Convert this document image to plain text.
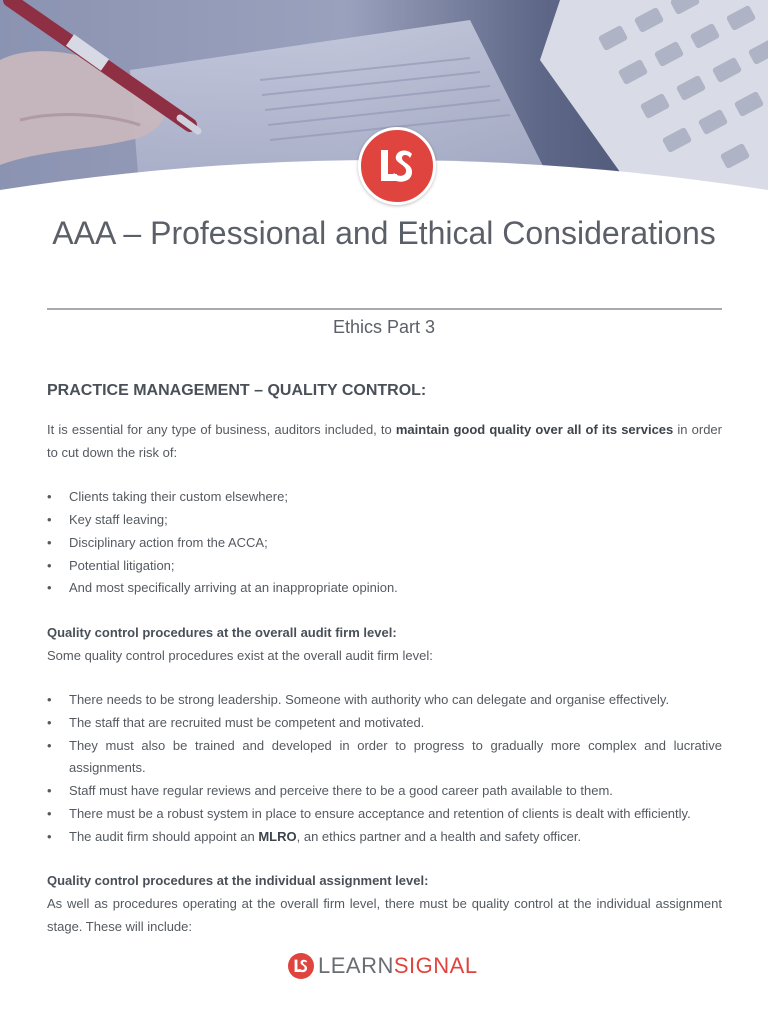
AAA – Professional and Ethical Considerations
Ethics Part 3
PRACTICE MANAGEMENT – QUALITY CONTROL:

It is essential for any type of business, auditors included, to maintain good quality over all of its services in order to cut down the risk of:

• Clients taking their custom elsewhere;
• Key staff leaving;
• Disciplinary action from the ACCA;
• Potential litigation;
• And most specifically arriving at an inappropriate opinion.
Quality control procedures at the overall audit firm level:

Some quality control procedures exist at the overall audit firm level:

• There needs to be strong leadership. Someone with authority who can delegate and organise effectively.
• The staff that are recruited must be competent and motivated.
• They must also be trained and developed in order to progress to gradually more complex and lucrative assignments.
• Staff must have regular reviews and perceive there to be a good career path available to them.
• There must be a robust system in place to ensure acceptance and retention of clients is dealt with efficiently.
• The audit firm should appoint an MLRO, an ethics partner and a health and safety officer.
Quality control procedures at the individual assignment level:

As well as procedures operating at the overall firm level, there must be quality control at the individual assignment stage. These will include:

LEARN SIGNAL
